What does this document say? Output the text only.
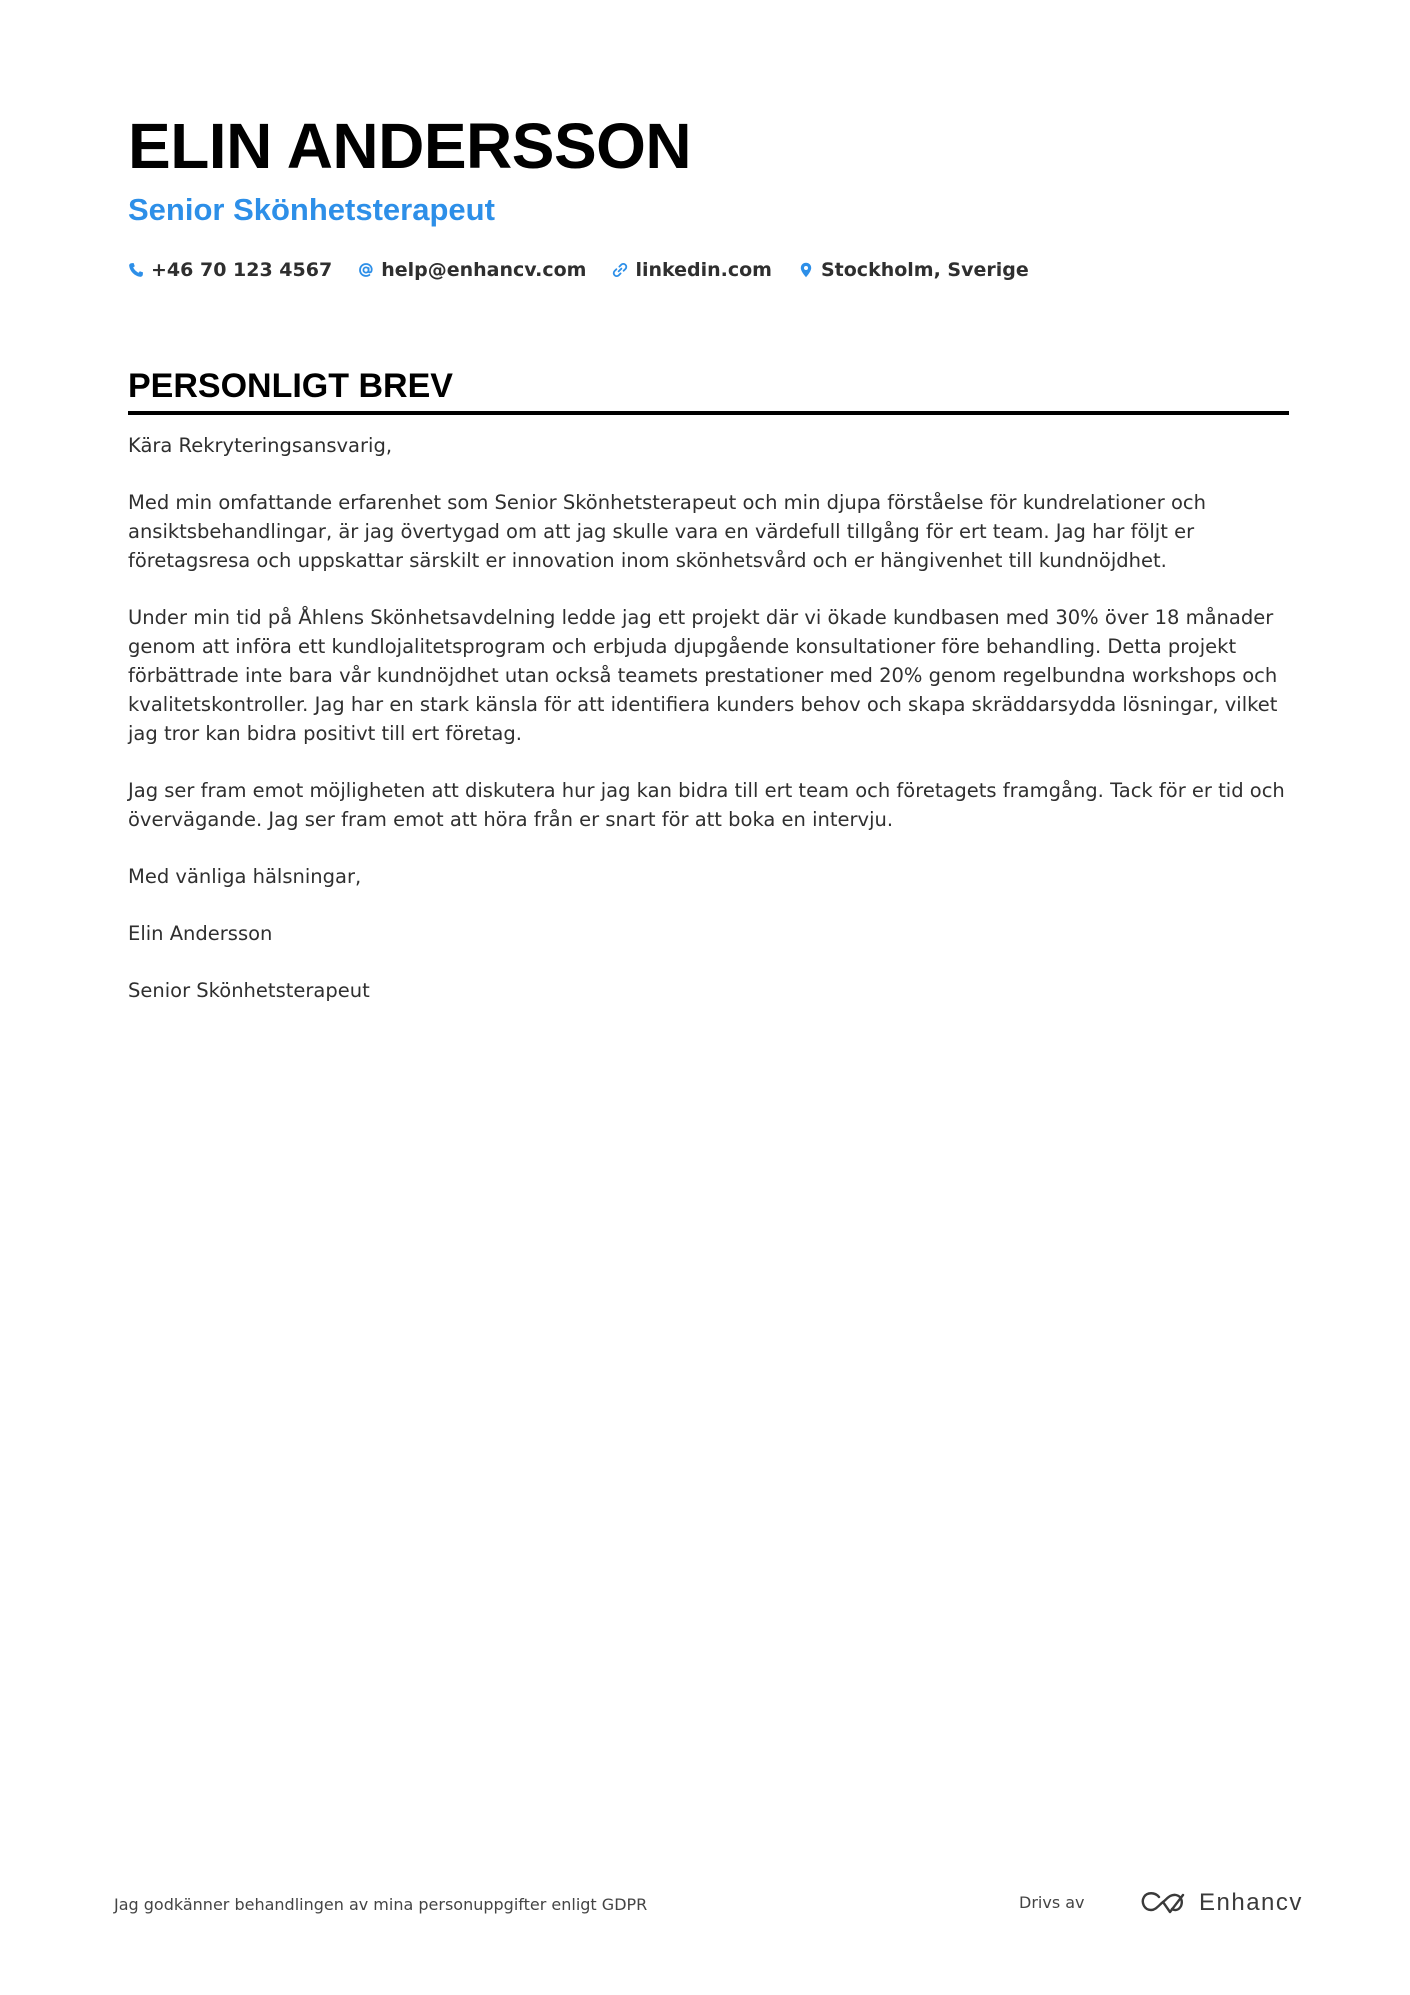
ELIN ANDERSSON
Senior Skönhetsterapeut
+46 70 123 4567	help@enhancv.com	linkedin.com	Stockholm, Sverige
PERSONLIGT BREV

Kära Rekryteringsansvarig,

Med min omfattande erfarenhet som Senior Skönhetsterapeut och min djupa förståelse för kundrelationer och ansiktsbehandlingar, är jag övertygad om att jag skulle vara en värdefull tillgång för ert team. Jag har följt er företagsresa och uppskattar särskilt er innovation inom skönhetsvård och er hängivenhet till kundnöjdhet.

Under min tid på Åhlens Skönhetsavdelning ledde jag ett projekt där vi ökade kundbasen med 30% över 18 månader genom att införa ett kundlojalitetsprogram och erbjuda djupgående konsultationer före behandling. Detta projekt förbättrade inte bara vår kundnöjdhet utan också teamets prestationer med 20% genom regelbundna workshops och kvalitetskontroller. Jag har en stark känsla för att identifiera kunders behov och skapa skräddarsydda lösningar, vilket jag tror kan bidra positivt till ert företag.

Jag ser fram emot möjligheten att diskutera hur jag kan bidra till ert team och företagets framgång. Tack för er tid och övervägande. Jag ser fram emot att höra från er snart för att boka en intervju.

Med vänliga hälsningar,

Elin Andersson

Senior Skönhetsterapeut

Jag godkänner behandlingen av mina personuppgifter enligt GDPR	Drivs av	Enhancv
